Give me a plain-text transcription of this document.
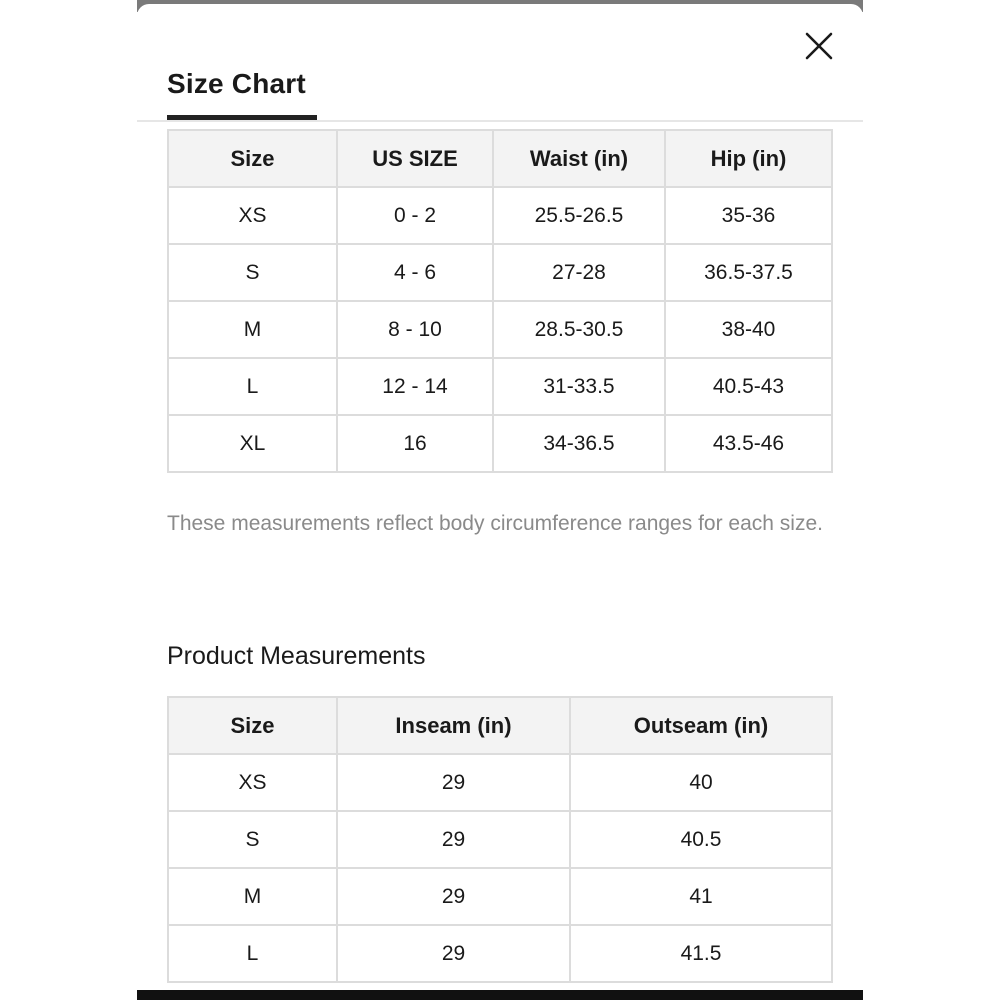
Size Chart
Size	US SIZE	Waist (in)	Hip (in)
XS	0 - 2	25.5-26.5	35-36
S	4 - 6	27-28	36.5-37.5
M	8 - 10	28.5-30.5	38-40
L	12 - 14	31-33.5	40.5-43
XL	16	34-36.5	43.5-46
These measurements reflect body circumference ranges for each size.
Product Measurements
Size	Inseam (in)	Outseam (in)
XS	29	40
S	29	40.5
M	29	41
L	29	41.5
